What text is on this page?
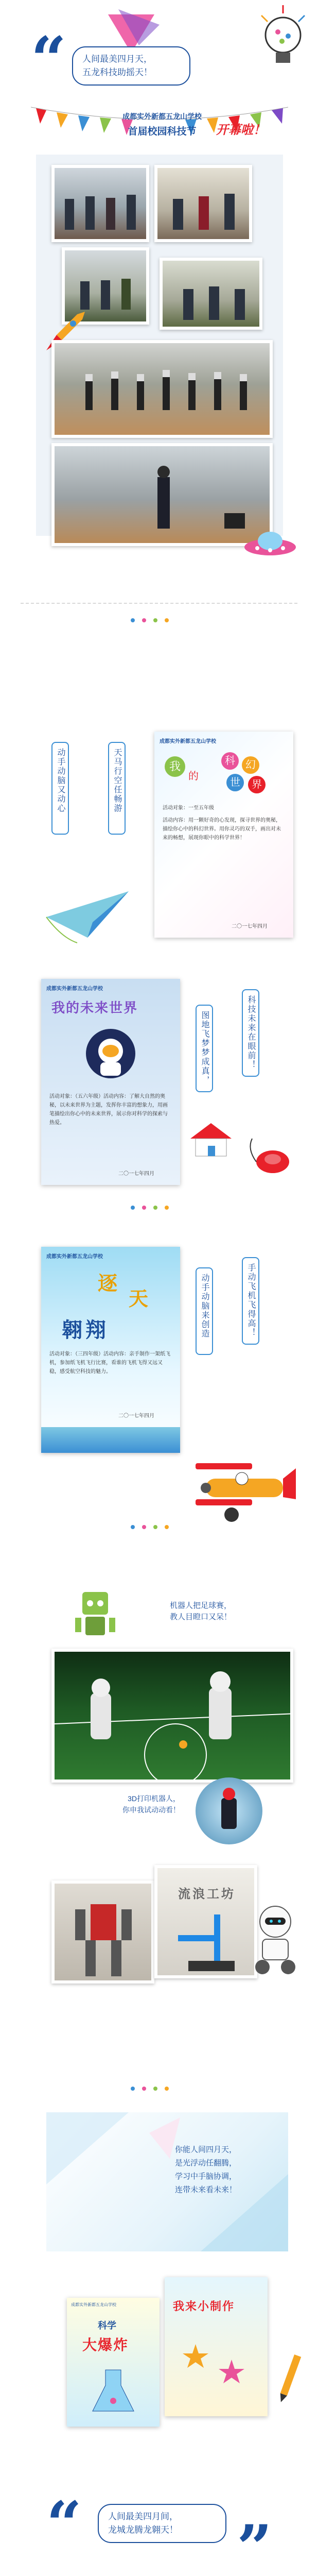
“ 人间最美四月天，
五龙科技助摇天！
成都实外新都五龙山学校
首届校园科技节	开幕啦！
动手动脑又动心	天马行空任畅游
成都实外新都五龙山学校
我
的
科	幻
世	界
活动对象：一至五年级
活动内容：用一颗好奇的心发现，探寻世界的奥秘，描绘你心中的科幻世界。用你灵巧的双手，画出对未来的畅想，展现你眼中的科学世界！
二〇一七年四月
成都实外新都五龙山学校
我的未来世界
活动对象：（五六年级）活动内容：了解大自然的奥秘，以未来世界为主题，发挥你丰富的想象力，用画笔描绘出你心中的未来世界，展示你对科学的探索与热爱。
二〇一七年四月
科技未来在眼前！
图地飞梦梦成真，
成都实外新都五龙山学校
逐
天
翱翔
活动对象：（三四年级）活动内容：亲手制作一架纸飞机，参加纸飞机飞行比赛，看谁的飞机飞得又远又稳，感受航空科技的魅力。
二〇一七年四月
手动飞机飞得高！
动手动脑来创造
机器人把足球赛，
教人目瞪口又呆！
3D打印机器人，
你申我试动动看！
流浪工坊
你能人间四月天，
是光浮动任翻腾，
学习中手脑协调，
连带未来看未来！
成都实外新都五龙山学校
科学
大爆炸
我来小制作
“	人间最美四月间，
龙城龙腾龙翱天！ ”
